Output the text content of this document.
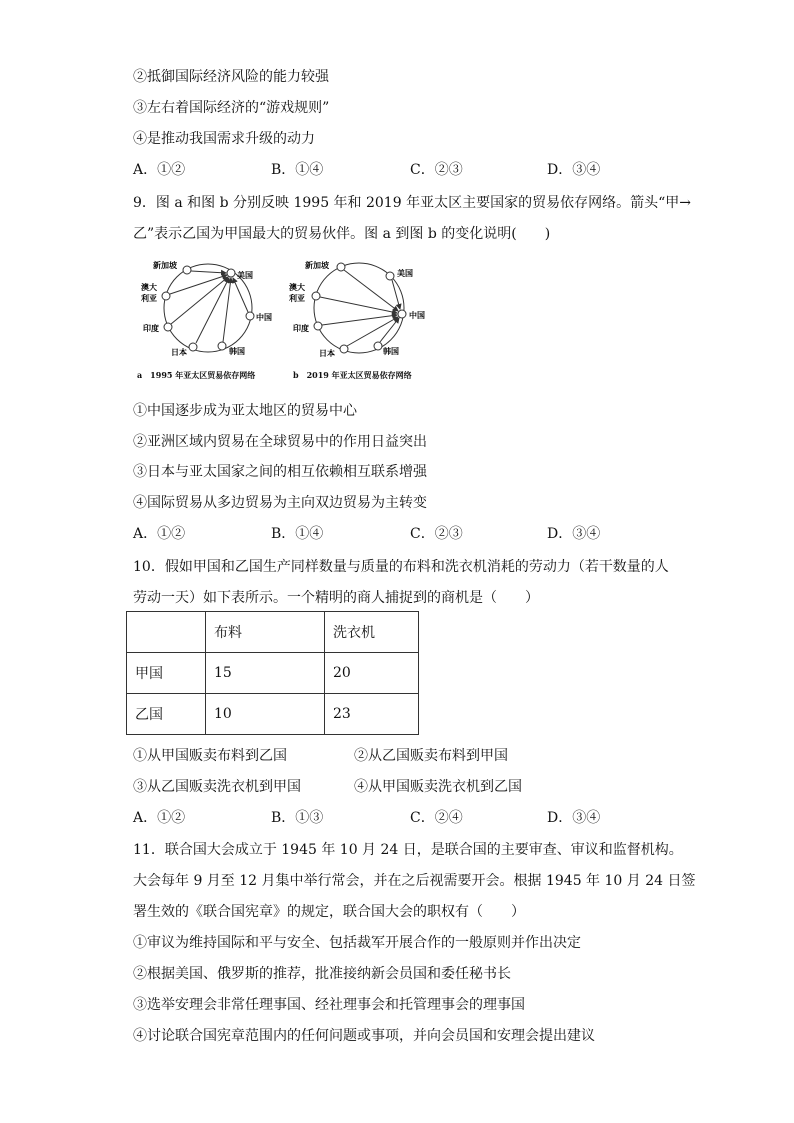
②抵御国际经济风险的能力较强
③左右着国际经济的“游戏规则”
④是推动我国需求升级的动力
A．①②	B．①④	C．②③	D．③④
9．图 a 和图 b 分别反映 1995 年和 2019 年亚太区主要国家的贸易依存网络。箭头“甲→
乙”表示乙国为甲国最大的贸易伙伴。图 a 到图 b 的变化说明(　　)
新加坡
美国
澳大
利亚
中国
印度
日本	韩国
a　1995 年亚太区贸易依存网络
新加坡
美国
澳大
利亚
中国
印度
日本	韩国
b　2019 年亚太区贸易依存网络
①中国逐步成为亚太地区的贸易中心
②亚洲区域内贸易在全球贸易中的作用日益突出
③日本与亚太国家之间的相互依赖相互联系增强
④国际贸易从多边贸易为主向双边贸易为主转变
A．①②	B．①④	C．②③	D．③④
10．假如甲国和乙国生产同样数量与质量的布料和洗衣机消耗的劳动力（若干数量的人
劳动一天）如下表所示。一个精明的商人捕捉到的商机是（　　）
	布料	洗衣机
甲国	15	20
乙国	10	23
①从甲国贩卖布料到乙国	②从乙国贩卖布料到甲国
③从乙国贩卖洗衣机到甲国	④从甲国贩卖洗衣机到乙国
A．①②	B．①③	C．②④	D．③④
11．联合国大会成立于 1945 年 10 月 24 日，是联合国的主要审查、审议和监督机构。
大会每年 9 月至 12 月集中举行常会，并在之后视需要开会。根据 1945 年 10 月 24 日签
署生效的《联合国宪章》的规定，联合国大会的职权有（　　）
①审议为维持国际和平与安全、包括裁军开展合作的一般原则并作出决定
②根据美国、俄罗斯的推荐，批准接纳新会员国和委任秘书长
③选举安理会非常任理事国、经社理事会和托管理事会的理事国
④讨论联合国宪章范围内的任何问题或事项，并向会员国和安理会提出建议
